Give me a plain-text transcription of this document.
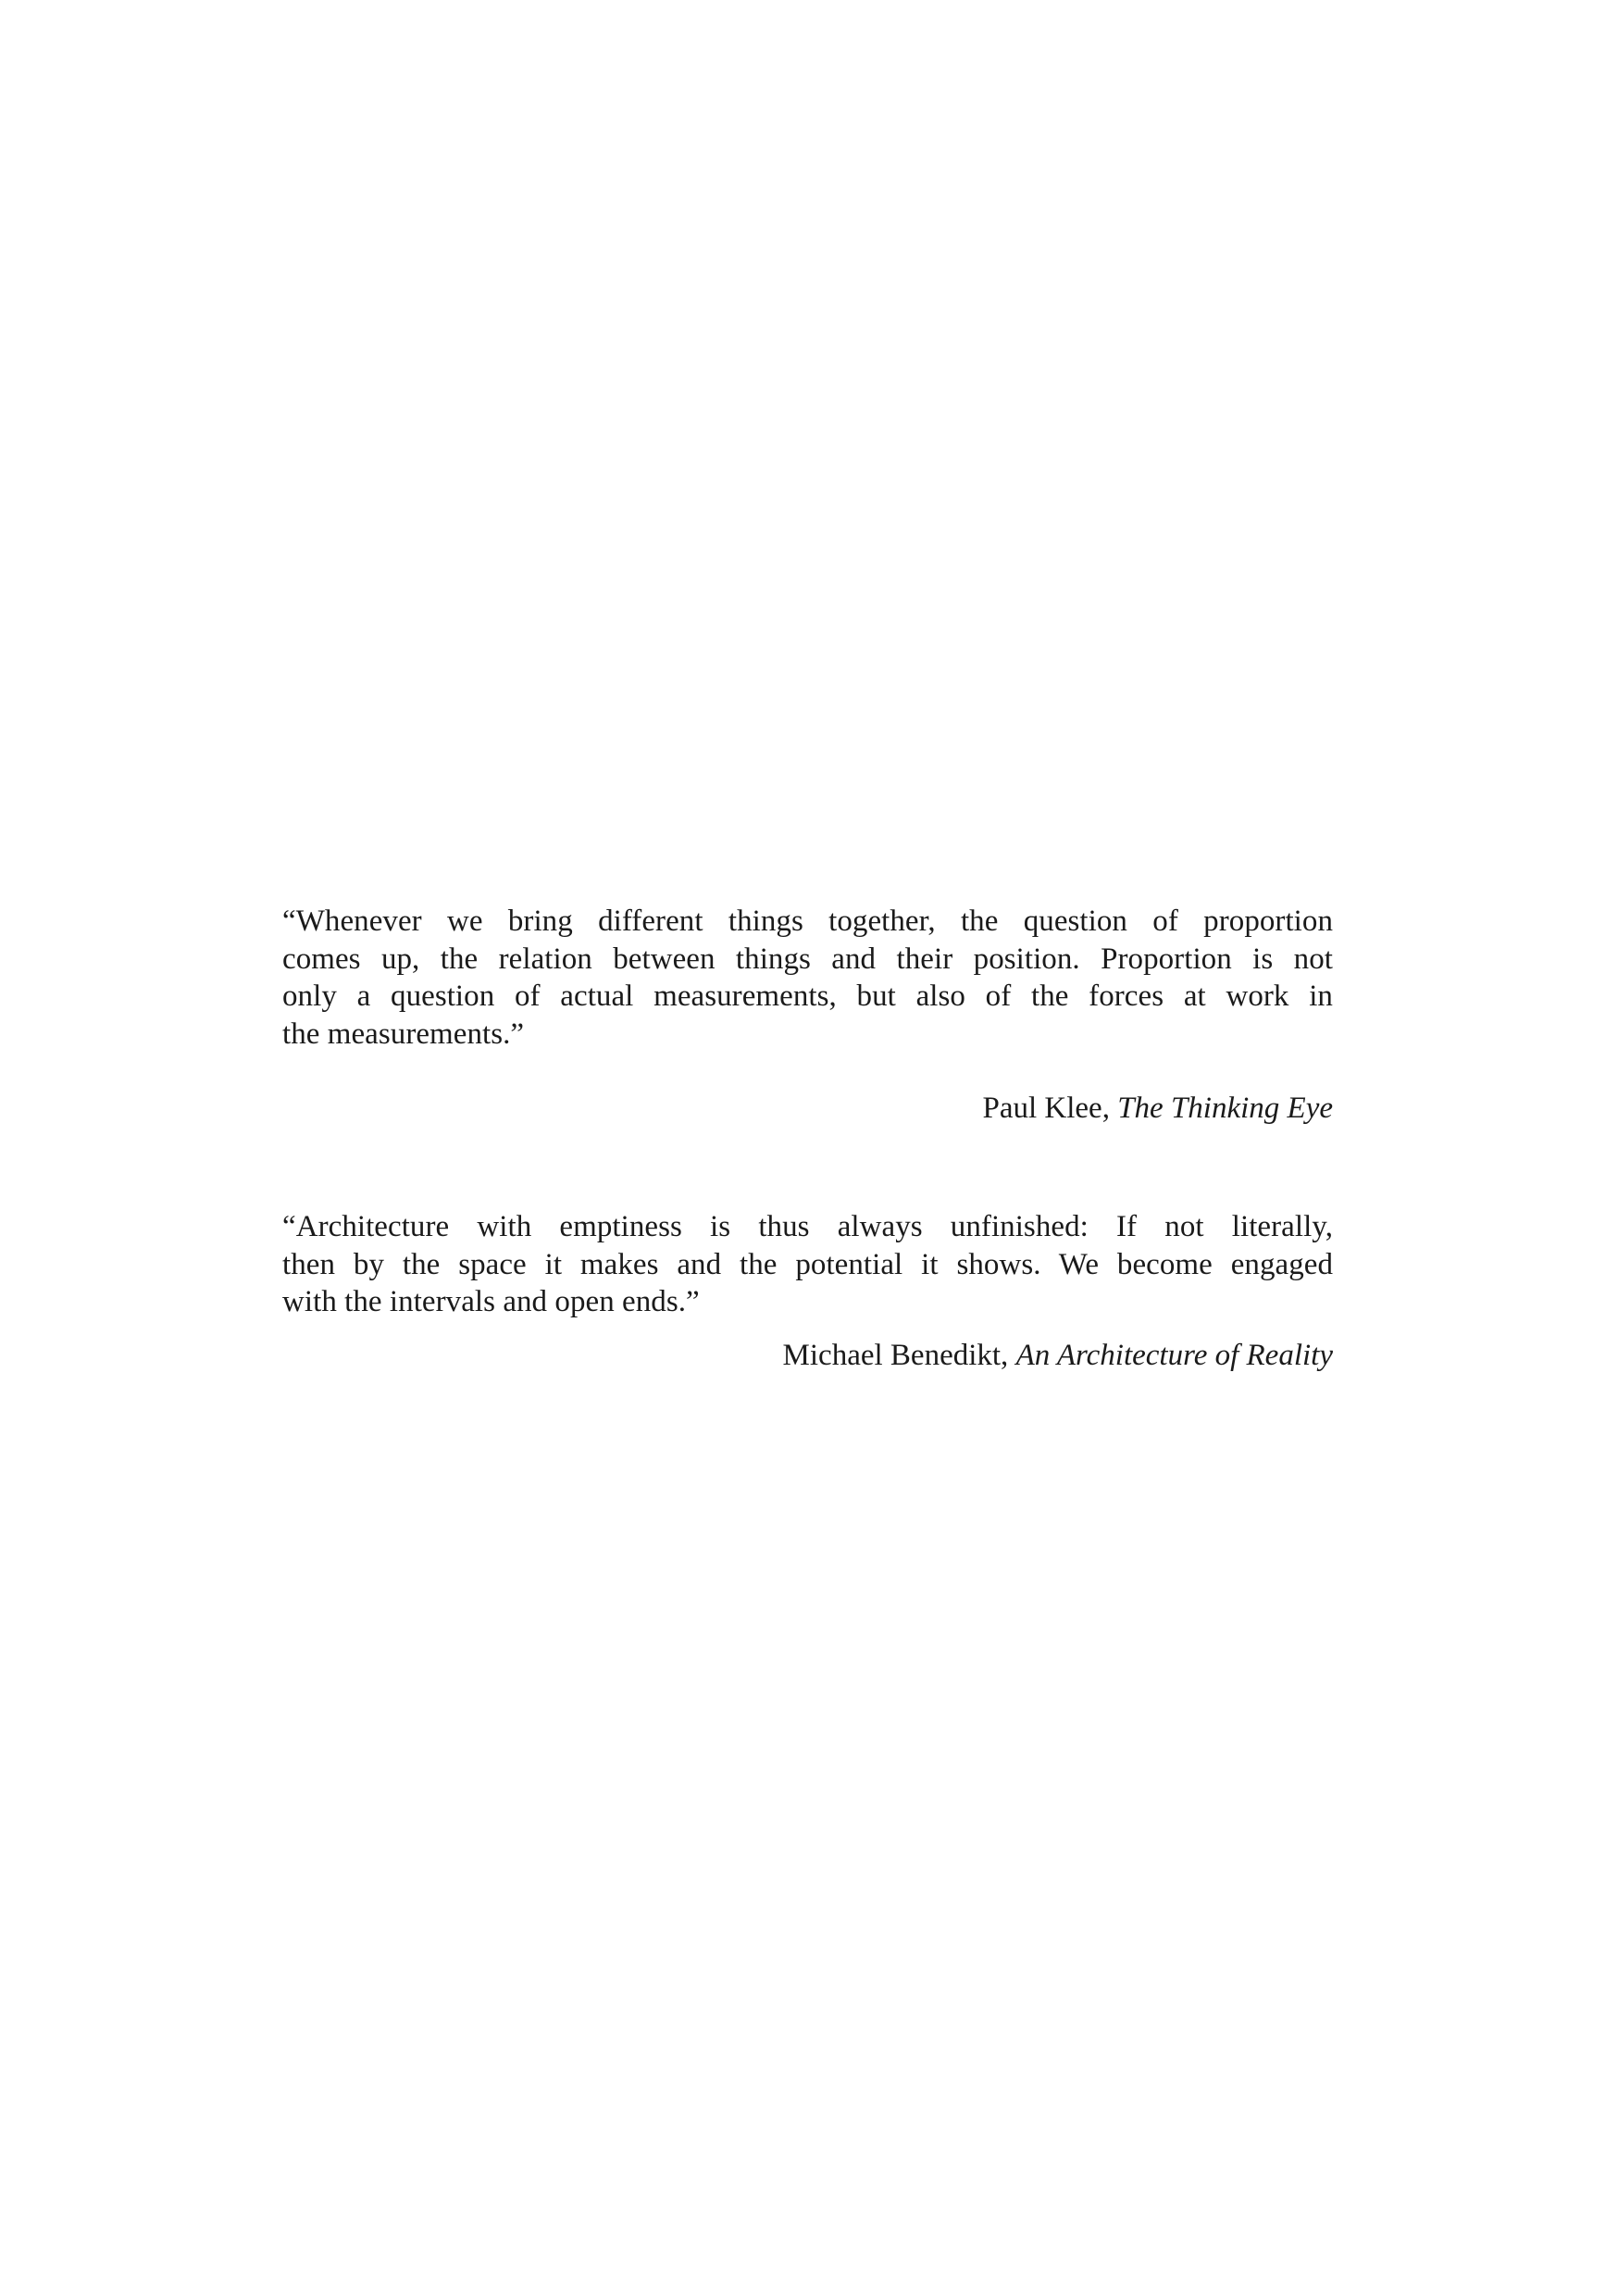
“Whenever we bring different things together, the question of proportion
comes up, the relation between things and their position. Proportion is not
only a question of actual measurements, but also of the forces at work in
the measurements.”

Paul Klee, The Thinking Eye

“Architecture with emptiness is thus always unfinished: If not literally,
then by the space it makes and the potential it shows. We become engaged
with the intervals and open ends.”

Michael Benedikt, An Architecture of Reality
